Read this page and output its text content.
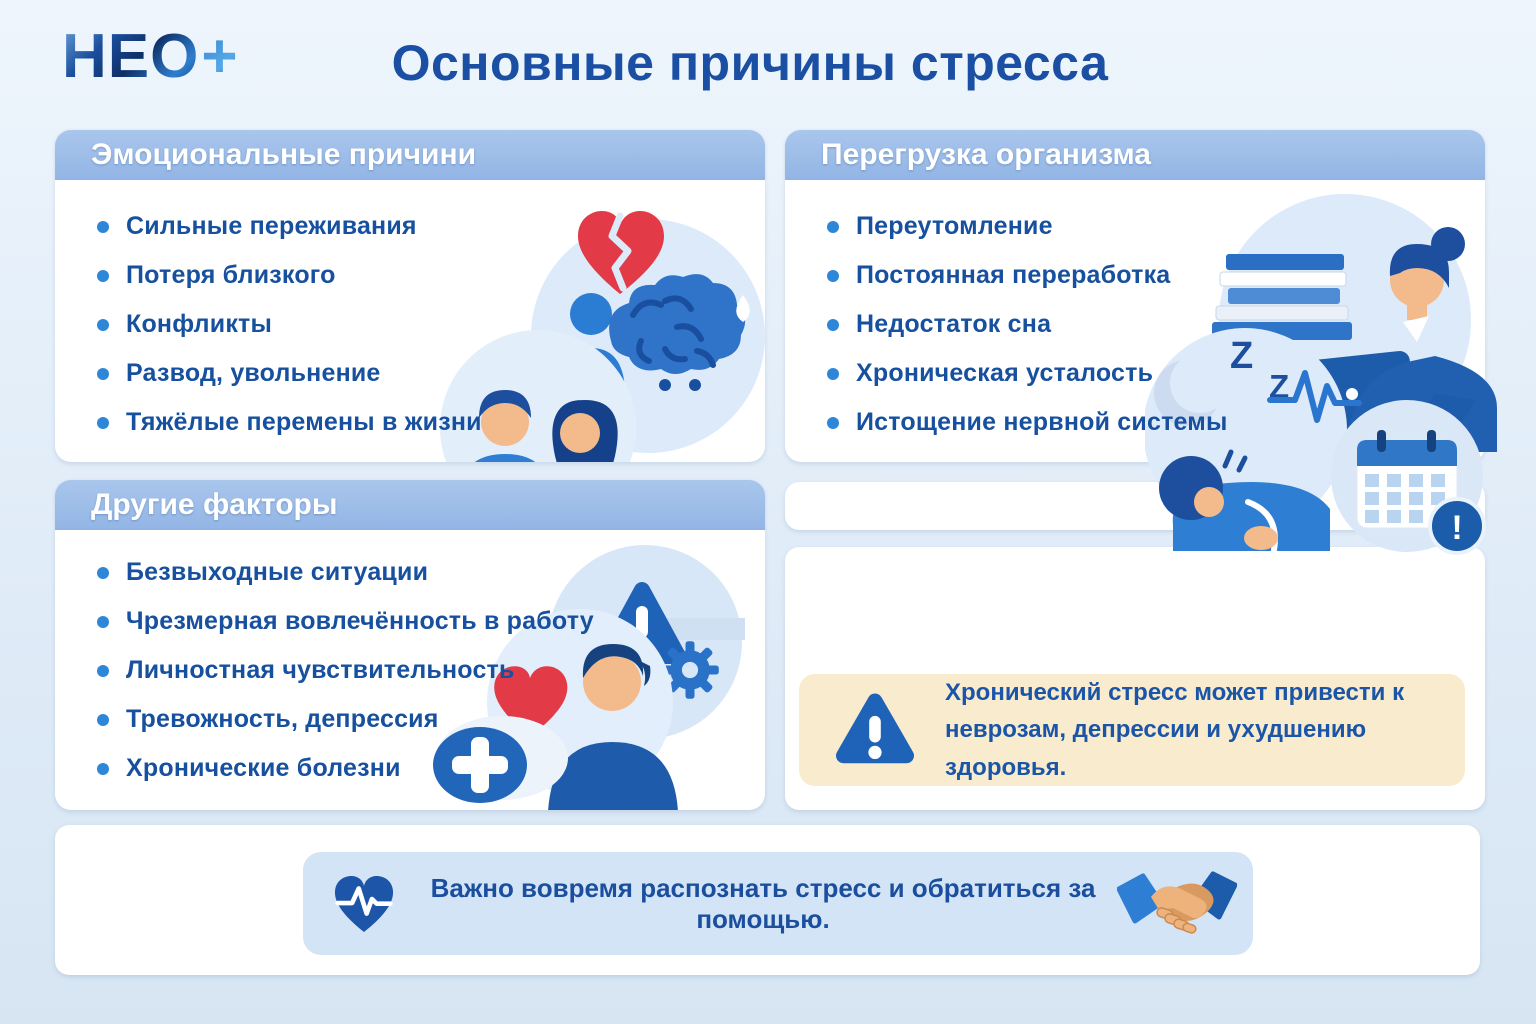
НЕО+	Основные причины стресса
Эмоциональные причини
Сильные переживания
Потеря близкого
Конфликты
Развод, увольнение
Тяжёлые перемены в жизни
Перегрузка организма
Переутомление
Постоянная переработка
Недостаток сна
Хроническая усталость
Истощение нервной системы
Z
Z
!
Другие факторы
Безвыходные ситуации
Чрезмерная вовлечённость в работу
Личностная чувствительность
Тревожность, депрессия
Хронические болезни
Хронический стресс может привести к неврозам, депрессии и ухудшению здоровья.
Важно вовремя распознать стресс и обратиться за помощью.
